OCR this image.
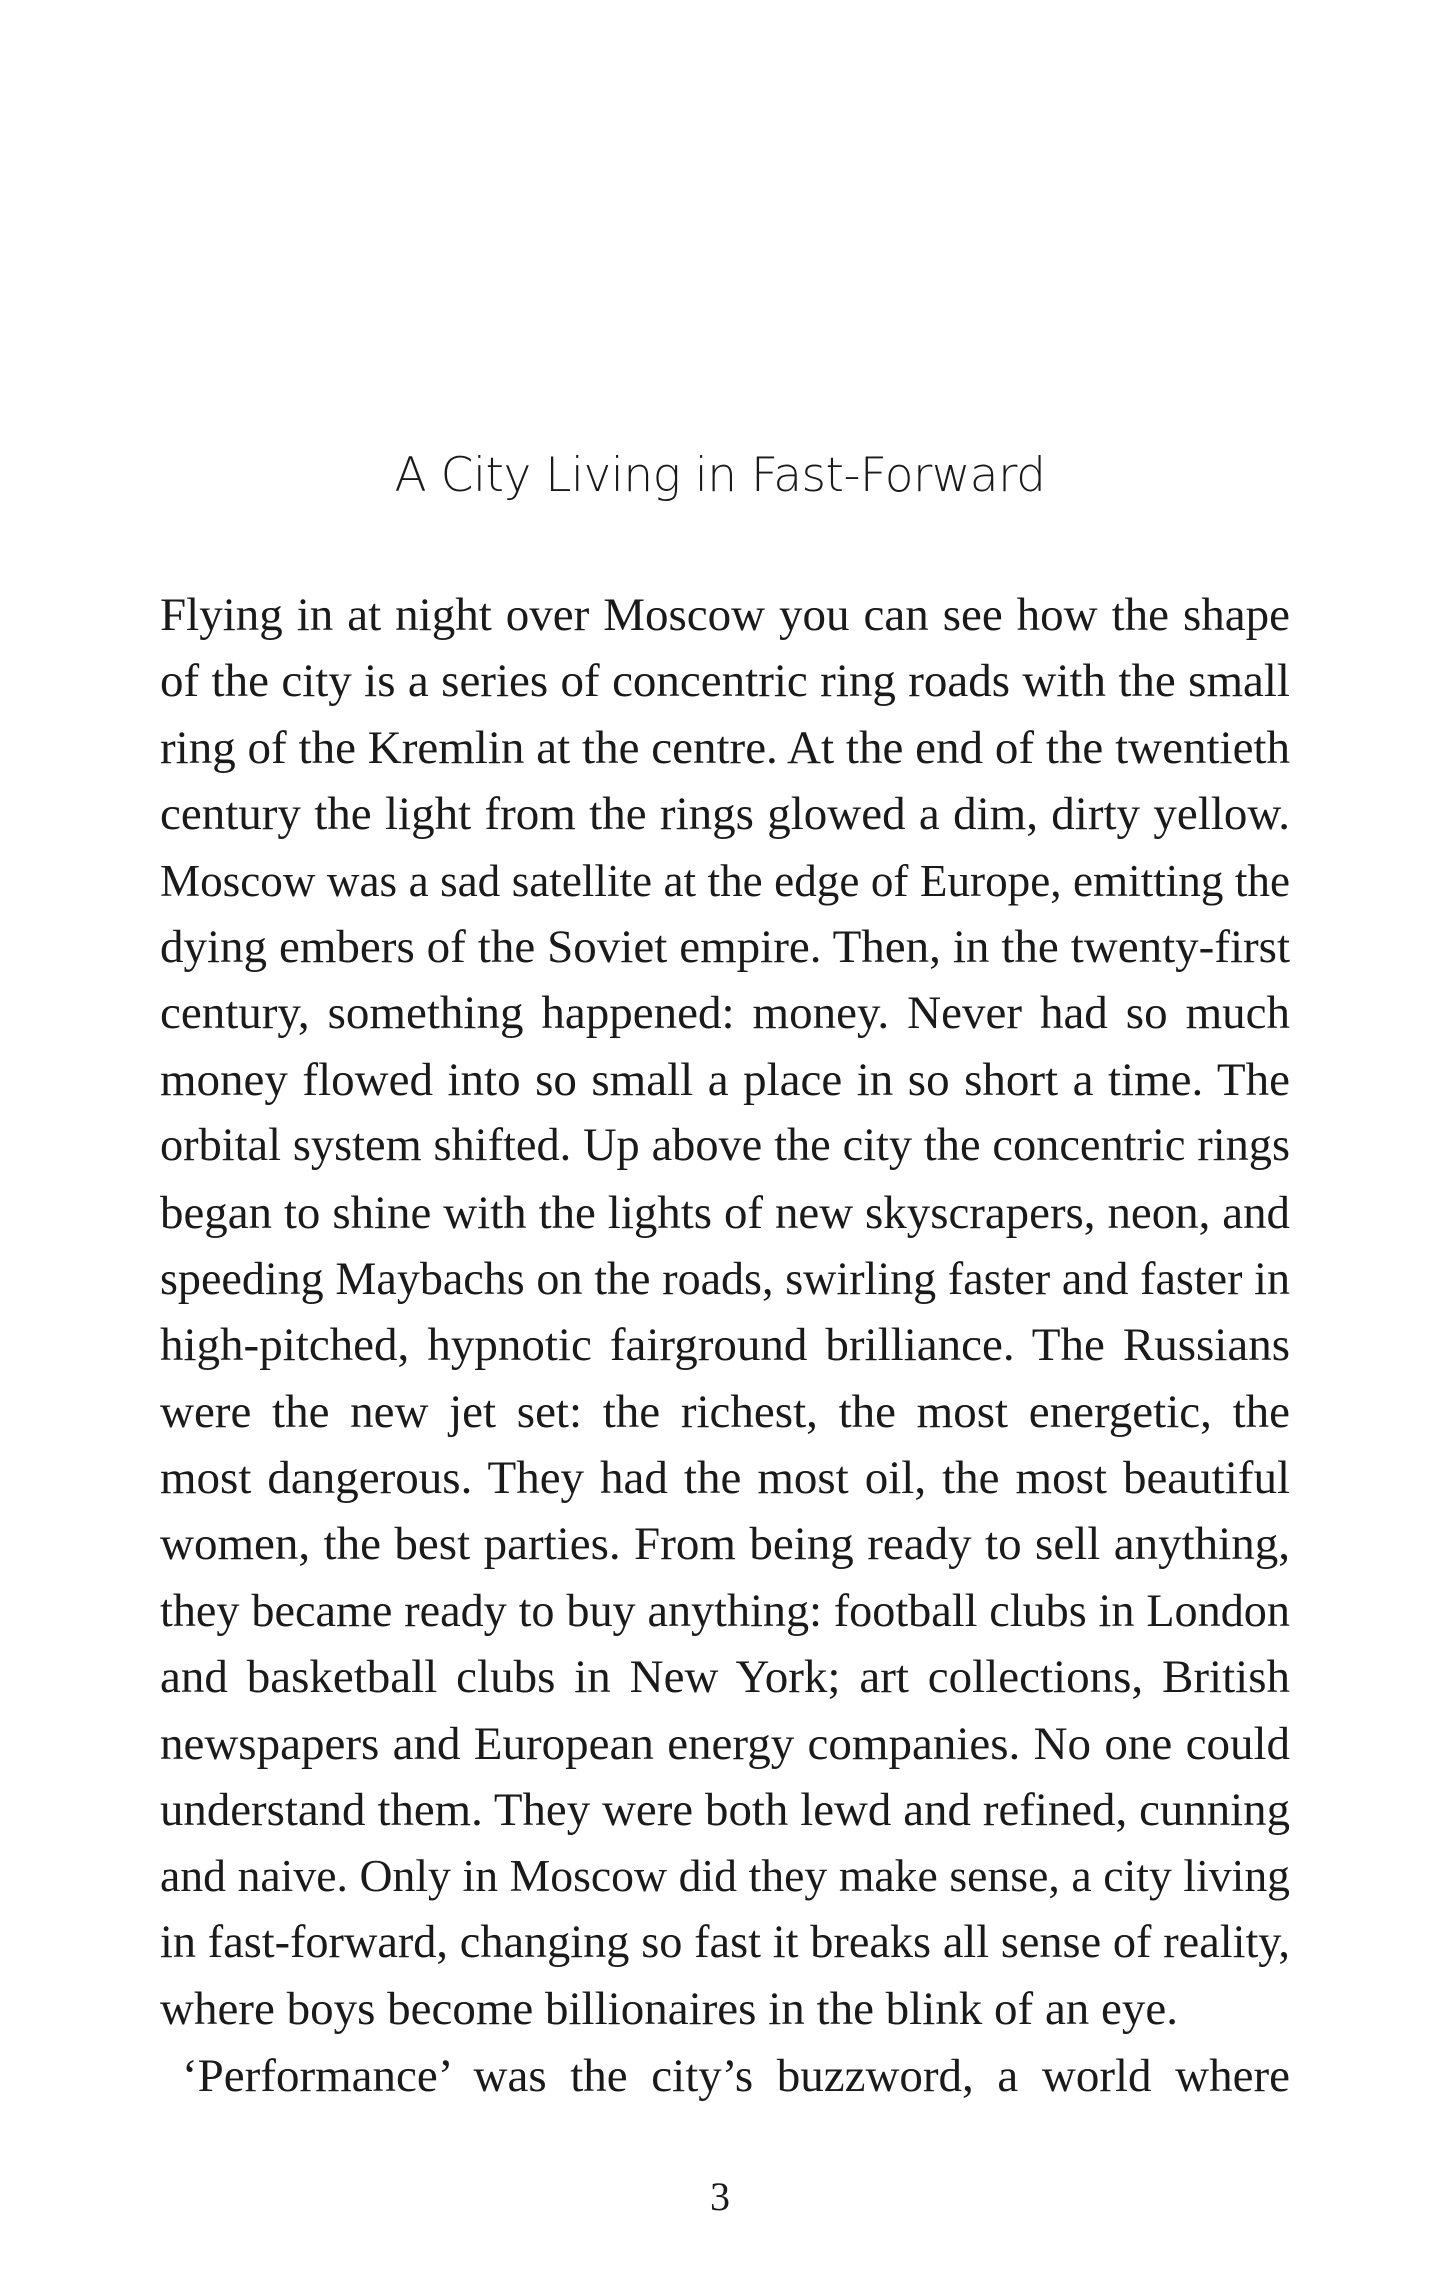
A City Living in Fast-Forward
Flying in at night over Moscow you can see how the shape
of the city is a series of concentric ring roads with the small
ring of the Kremlin at the centre. At the end of the twentieth
century the light from the rings glowed a dim, dirty yellow.
Moscow was a sad satellite at the edge of Europe, emitting the
dying embers of the Soviet empire. Then, in the twenty-first
century, something happened: money. Never had so much
money flowed into so small a place in so short a time. The
orbital system shifted. Up above the city the concentric rings
began to shine with the lights of new skyscrapers, neon, and
speeding Maybachs on the roads, swirling faster and faster in
high-pitched, hypnotic fairground brilliance. The Russians
were the new jet set: the richest, the most energetic, the
most dangerous. They had the most oil, the most beautiful
women, the best parties. From being ready to sell anything,
they became ready to buy anything: football clubs in London
and basketball clubs in New York; art collections, British
newspapers and European energy companies. No one could
understand them. They were both lewd and refined, cunning
and naive. Only in Moscow did they make sense, a city living
in fast-forward, changing so fast it breaks all sense of reality,
where boys become billionaires in the blink of an eye.
‘Performance’ was the city’s buzzword, a world where
3
